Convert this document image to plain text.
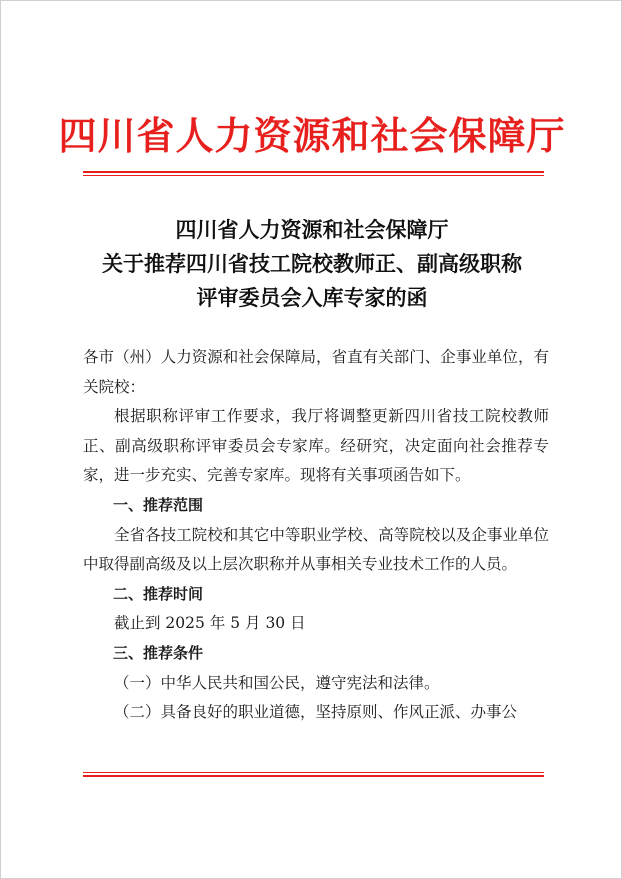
四川省人力资源和社会保障厅
四川省人力资源和社会保障厅
关于推荐四川省技工院校教师正、副高级职称
评审委员会入库专家的函

各市（州）人力资源和社会保障局，省直有关部门、企事业单位，有关院校：

根据职称评审工作要求，我厅将调整更新四川省技工院校教师正、副高级职称评审委员会专家库。经研究，决定面向社会推荐专家，进一步充实、完善专家库。现将有关事项函告如下。

一、推荐范围

全省各技工院校和其它中等职业学校、高等院校以及企事业单位中取得副高级及以上层次职称并从事相关专业技术工作的人员。

二、推荐时间

截止到 2025 年 5 月 30 日

三、推荐条件

（一）中华人民共和国公民，遵守宪法和法律。

（二）具备良好的职业道德，坚持原则、作风正派、办事公
